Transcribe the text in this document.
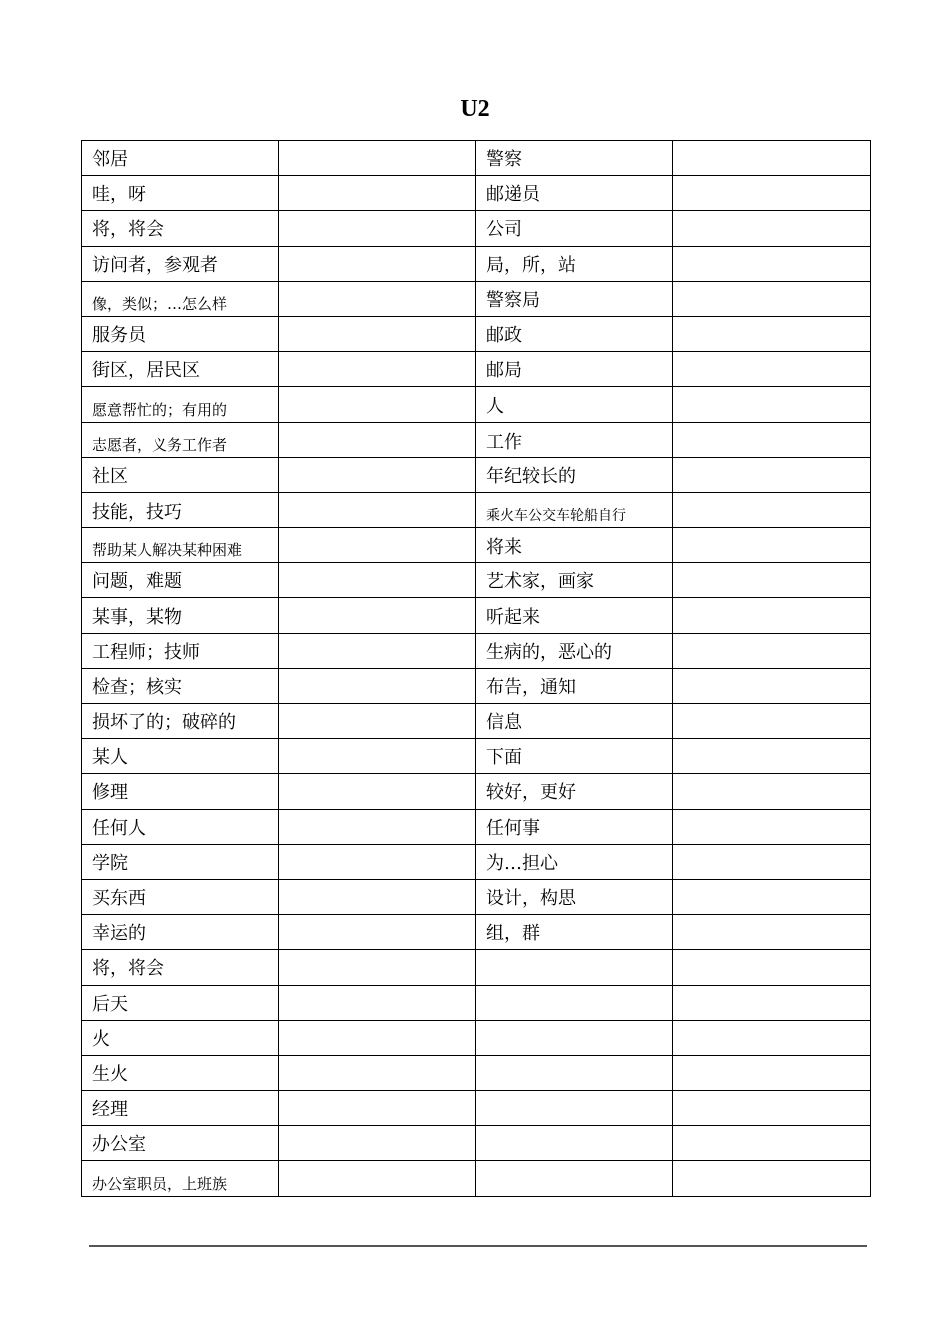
U2
邻居		警察	
哇，呀		邮递员	
将，将会		公司	
访问者，参观者		局，所，站	
像，类似；…怎么样		警察局	
服务员		邮政	
街区，居民区		邮局	
愿意帮忙的；有用的		人	
志愿者，义务工作者		工作	
社区		年纪较长的	
技能，技巧		乘火车公交车轮船自行	
帮助某人解决某种困难		将来	
问题，难题		艺术家，画家	
某事，某物		听起来	
工程师；技师		生病的，恶心的	
检查；核实		布告，通知	
损坏了的；破碎的		信息	
某人		下面	
修理		较好，更好	
任何人		任何事	
学院		为…担心	
买东西		设计，构思	
幸运的		组，群	
将，将会			
后天			
火			
生火			
经理			
办公室			
办公室职员，上班族			
